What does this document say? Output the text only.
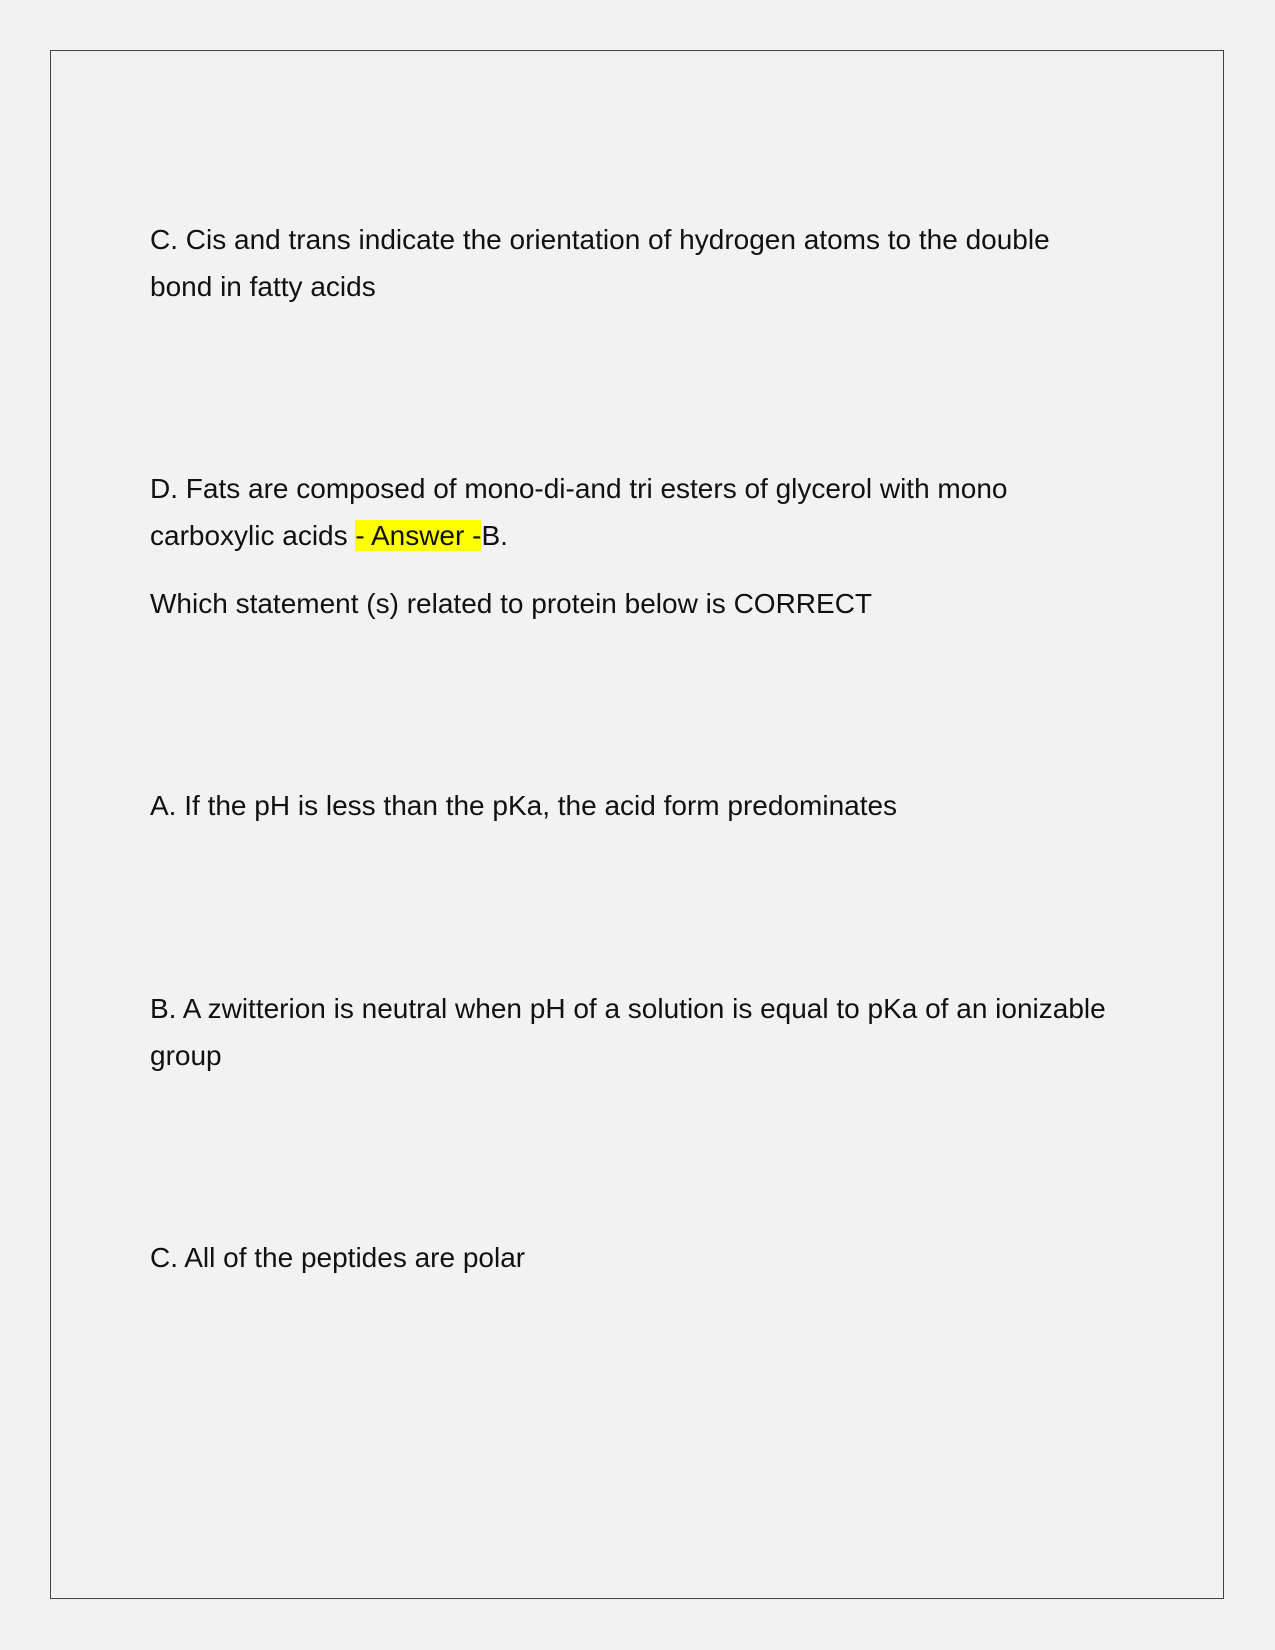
C. Cis and trans indicate the orientation of hydrogen atoms to the double bond in fatty acids

D. Fats are composed of mono-di-and tri esters of glycerol with mono carboxylic acids - Answer -B.

Which statement (s) related to protein below is CORRECT

A. If the pH is less than the pKa, the acid form predominates

B. A zwitterion is neutral when pH of a solution is equal to pKa of an ionizable group

C. All of the peptides are polar
